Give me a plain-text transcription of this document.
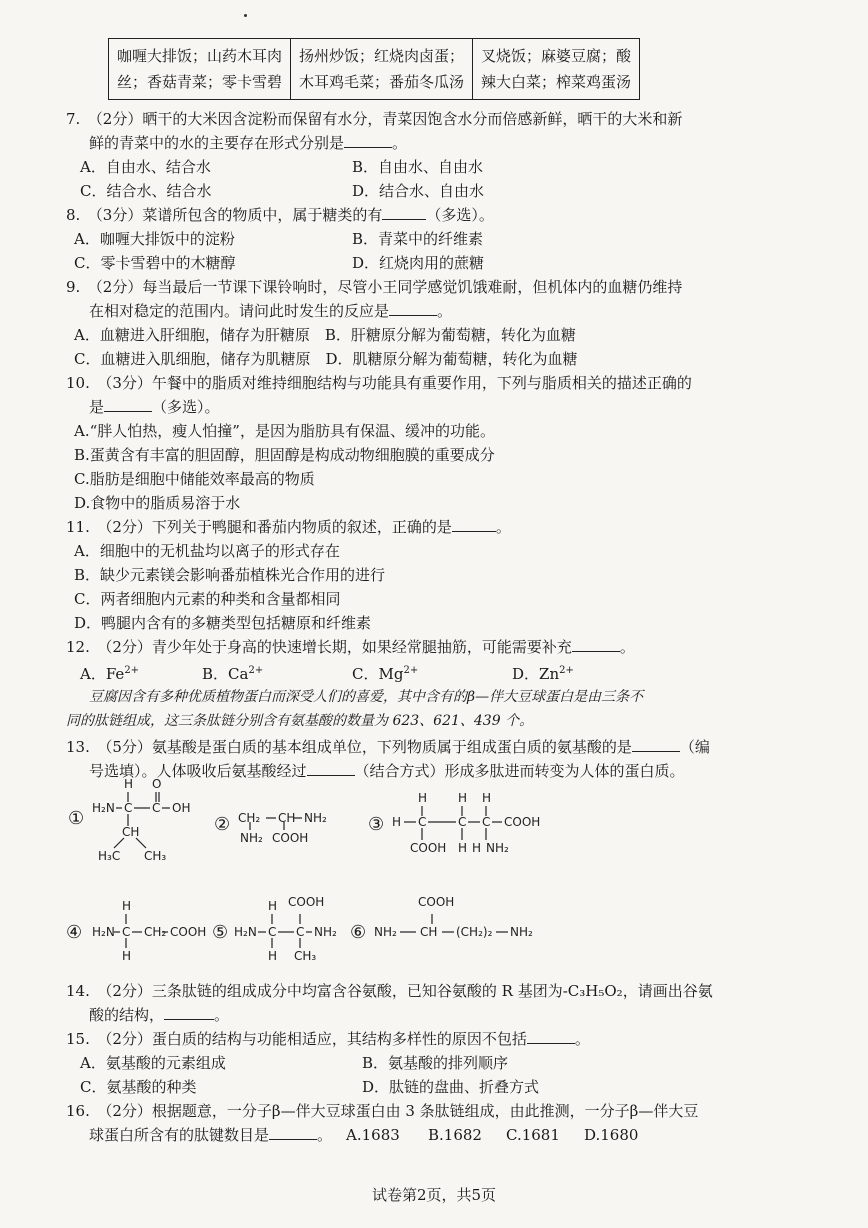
咖喱大排饭；山药木耳肉
丝；香菇青菜；零卡雪碧

扬州炒饭；红烧肉卤蛋；
木耳鸡毛菜；番茄冬瓜汤

叉烧饭；麻婆豆腐；酸
辣大白菜；榨菜鸡蛋汤
7.　（2分）晒干的大米因含淀粉而保留有水分，青菜因饱含水分而倍感新鲜，晒干的大米和新
鲜的青菜中的水的主要存在形式分别是	。
A．自由水、结合水	B．自由水、自由水
C．结合水、结合水	D．结合水、自由水
8.　（3分）菜谱所包含的物质中，属于糖类的有	（多选）。
A．咖喱大排饭中的淀粉	B．青菜中的纤维素
C．零卡雪碧中的木糖醇	D．红烧肉用的蔗糖
9.　（2分）每当最后一节课下课铃响时，尽管小王同学感觉饥饿难耐，但机体内的血糖仍维持
在相对稳定的范围内。请问此时发生的反应是	。
A．血糖进入肝细胞，储存为肝糖原　B．肝糖原分解为葡萄糖，转化为血糖
C．血糖进入肌细胞，储存为肌糖原　D．肌糖原分解为葡萄糖，转化为血糖
10.　（3分）午餐中的脂质对维持细胞结构与功能具有重要作用，下列与脂质相关的描述正确的
是	（多选）。
A.“胖人怕热，瘦人怕撞”，是因为脂肪具有保温、缓冲的功能。
B.蛋黄含有丰富的胆固醇，胆固醇是构成动物细胞膜的重要成分
C.脂肪是细胞中储能效率最高的物质
D.食物中的脂质易溶于水
11.　（2分）下列关于鸭腿和番茄内物质的叙述，正确的是	。
A．细胞中的无机盐均以离子的形式存在
B．缺少元素镁会影响番茄植株光合作用的进行
C．两者细胞内元素的种类和含量都相同
D．鸭腿内含有的多糖类型包括糖原和纤维素
12.　（2分）青少年处于身高的快速增长期，如果经常腿抽筋，可能需要补充	。
A．$Fe^{2+}$	B．$Ca^{2+}$	C．$Mg^{2+}$	D．$Zn^{2+}$
豆腐因含有多种优质植物蛋白而深受人们的喜爱，其中含有的β—伴大豆球蛋白是由三条不
同的肽链组成，这三条肽链分别含有氨基酸的数量为 623、621、439 个。
13.　（5分）氨基酸是蛋白质的基本组成单位，下列物质属于组成蛋白质的氨基酸的是	（编
号选填）。人体吸收后氨基酸经过	（结合方式）形成多肽进而转变为人体的蛋白质。
①
H O
H₂N C C OH
CH
H₃C CH₃
② CH₂ CH NH₂
NH₂ COOH
③
H	H H
H C	C C COOH
COOH H H NH₂
④
H
H₂N C CH₂ COOH
H
⑤
COOH
H
H₂N C C NH₂
H CH₃
⑥
COOH
NH₂ CH (CH₂)₂ NH₂
14.　（2分）三条肽链的组成成分中均富含谷氨酸，已知谷氨酸的 R 基团为-C₃H₅O₂，请画出谷氨
酸的结构，	。
15.　（2分）蛋白质的结构与功能相适应，其结构多样性的原因不包括	。
A．氨基酸的元素组成	B．氨基酸的排列顺序
C．氨基酸的种类	D．肽链的盘曲、折叠方式
16.　（2分）根据题意，一分子β—伴大豆球蛋白由 3 条肽链组成，由此推测，一分子β—伴大豆
球蛋白所含有的肽键数目是	。 A.1683 B.1682 C.1681 D.1680
试卷第2页，共5页
